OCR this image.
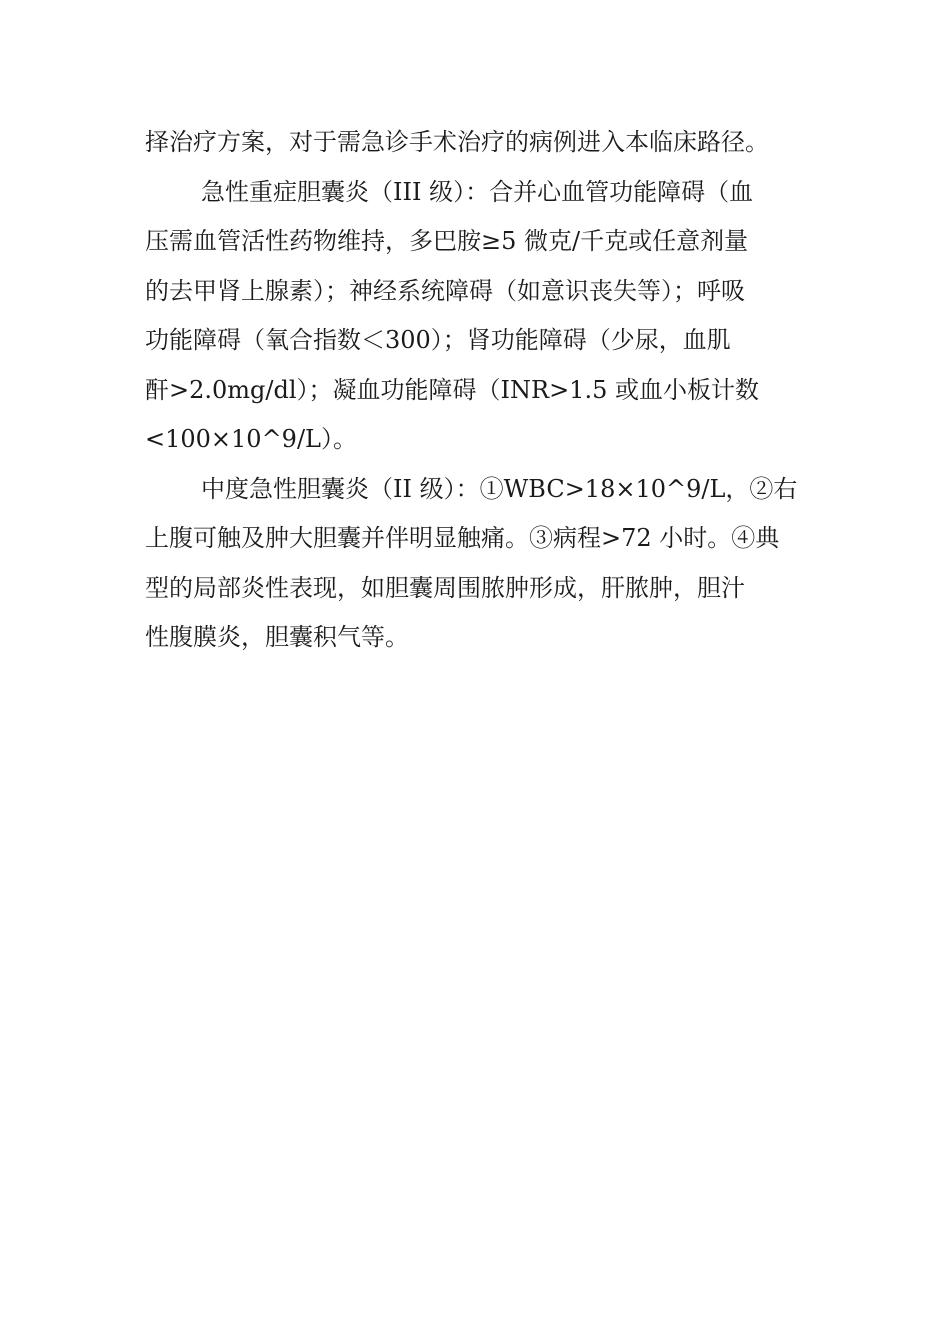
择治疗方案，对于需急诊手术治疗的病例进入本临床路径。
急性重症胆囊炎（III 级）：合并心血管功能障碍（血
压需血管活性药物维持，多巴胺≥5 微克/千克或任意剂量
的去甲肾上腺素）；神经系统障碍（如意识丧失等）；呼吸
功能障碍（氧合指数＜300）；肾功能障碍（少尿，血肌
酐>2.0mg/dl）；凝血功能障碍（INR>1.5 或血小板计数
<100×10^9/L）。
中度急性胆囊炎（II 级）：①WBC>18×10^9/L，②右
上腹可触及肿大胆囊并伴明显触痛。③病程>72 小时。④典
型的局部炎性表现，如胆囊周围脓肿形成，肝脓肿，胆汁
性腹膜炎，胆囊积气等。
